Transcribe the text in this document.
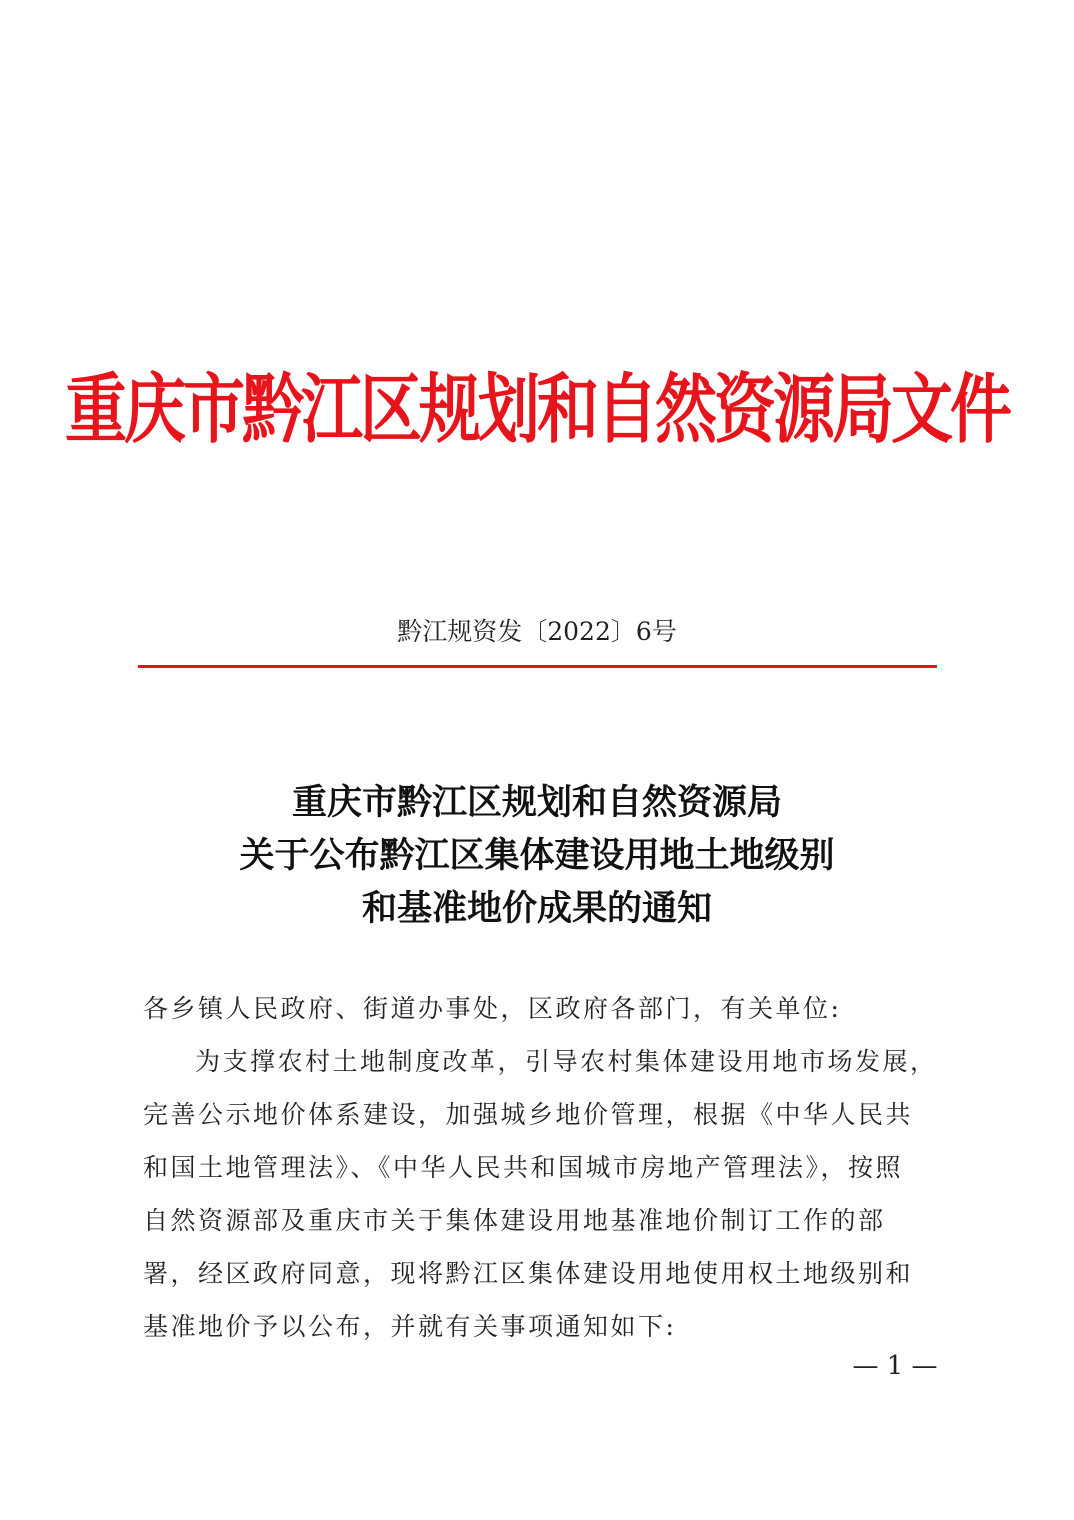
重庆市黔江区规划和自然资源局文件
黔江规资发〔2022〕6号
重庆市黔江区规划和自然资源局
关于公布黔江区集体建设用地土地级别
和基准地价成果的通知
各乡镇人民政府、街道办事处，区政府各部门，有关单位:
为支撑农村土地制度改革，引导农村集体建设用地市场发展，
完善公示地价体系建设，加强城乡地价管理，根据《中华人民共
和国土地管理法》、《中华人民共和国城市房地产管理法》，按照
自然资源部及重庆市关于集体建设用地基准地价制订工作的部
署，经区政府同意，现将黔江区集体建设用地使用权土地级别和
基准地价予以公布，并就有关事项通知如下:
— 1 —
